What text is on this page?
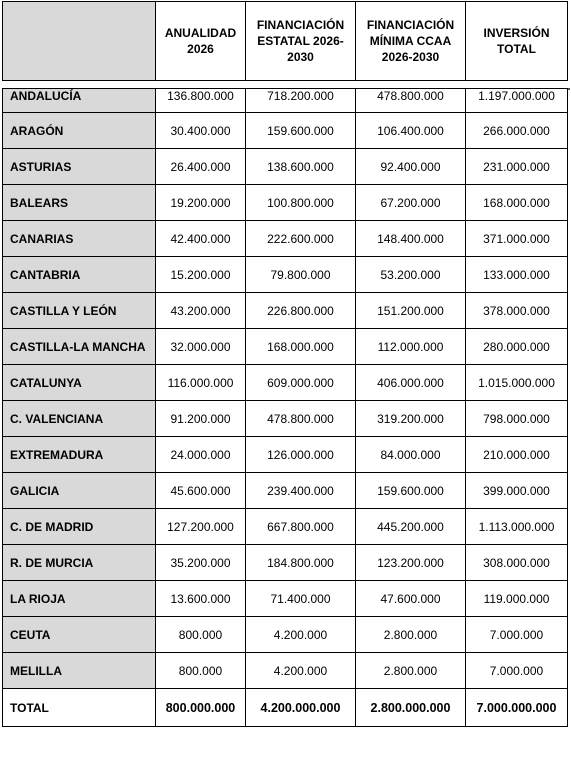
	ANUALIDAD 2026	FINANCIACIÓN ESTATAL 2026-2030	FINANCIACIÓN MÍNIMA CCAA 2026-2030	INVERSIÓN TOTAL
ANDALUCÍA	136.800.000	718.200.000	478.800.000	1.197.000.000
ARAGÓN	30.400.000	159.600.000	106.400.000	266.000.000
ASTURIAS	26.400.000	138.600.000	92.400.000	231.000.000
BALEARS	19.200.000	100.800.000	67.200.000	168.000.000
CANARIAS	42.400.000	222.600.000	148.400.000	371.000.000
CANTABRIA	15.200.000	79.800.000	53.200.000	133.000.000
CASTILLA Y LEÓN	43.200.000	226.800.000	151.200.000	378.000.000
CASTILLA-LA MANCHA	32.000.000	168.000.000	112.000.000	280.000.000
CATALUNYA	116.000.000	609.000.000	406.000.000	1.015.000.000
C. VALENCIANA	91.200.000	478.800.000	319.200.000	798.000.000
EXTREMADURA	24.000.000	126.000.000	84.000.000	210.000.000
GALICIA	45.600.000	239.400.000	159.600.000	399.000.000
C. DE MADRID	127.200.000	667.800.000	445.200.000	1.113.000.000
R. DE MURCIA	35.200.000	184.800.000	123.200.000	308.000.000
LA RIOJA	13.600.000	71.400.000	47.600.000	119.000.000
CEUTA	800.000	4.200.000	2.800.000	7.000.000
MELILLA	800.000	4.200.000	2.800.000	7.000.000
TOTAL	800.000.000	4.200.000.000	2.800.000.000	7.000.000.000
